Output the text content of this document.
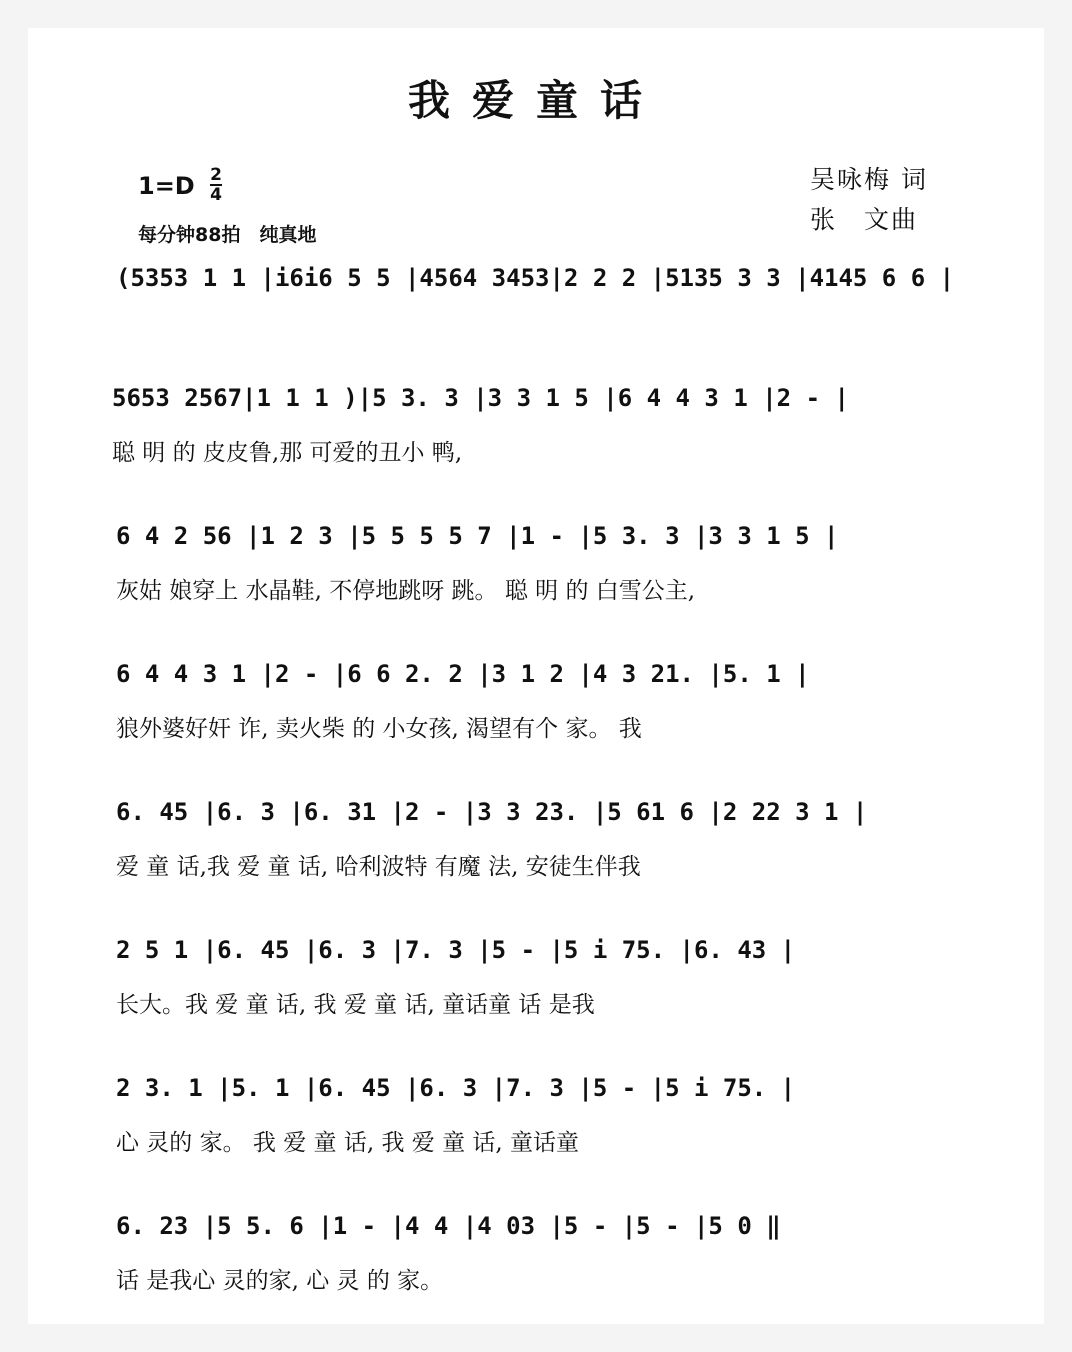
我爱童话
1=D 2
4
每分钟88拍　纯真地
吴咏梅 词
张　文曲
(5353 1 1 |i6i6 5 5 |4564 3453|2 2 2 |5135 3 3 |4145 6 6 |
5653 2567|1 1 1 )|5 3. 3 |3 3 1 5 |6 4 4 3 1 |2 - |
聪 明 的 皮皮鲁,那 可爱的丑小 鸭,
6 4 2 56 |1 2 3 |5 5 5 5 7 |1 - |5 3. 3 |3 3 1 5 |
灰姑 娘穿上 水晶鞋, 不停地跳呀 跳。 聪 明 的 白雪公主,
6 4 4 3 1 |2 - |6 6 2. 2 |3 1 2 |4 3 21. |5. 1 |
狼外婆好奸 诈, 卖火柴 的 小女孩, 渴望有个 家。 我
6. 45 |6. 3 |6. 31 |2 - |3 3 23. |5 61 6 |2 22 3 1 |
爱 童 话,我 爱 童 话, 哈利波特 有魔 法, 安徒生伴我
2 5 1 |6. 45 |6. 3 |7. 3 |5 - |5 i 75. |6. 43 |
长大。我 爱 童 话, 我 爱 童 话, 童话童 话 是我
2 3. 1 |5. 1 |6. 45 |6. 3 |7. 3 |5 - |5 i 75. |
心 灵的 家。 我 爱 童 话, 我 爱 童 话, 童话童
6. 23 |5 5. 6 |1 - |4 4 |4 03 |5 - |5 - |5 0 ‖
话 是我心 灵的家, 心 灵 的 家。
